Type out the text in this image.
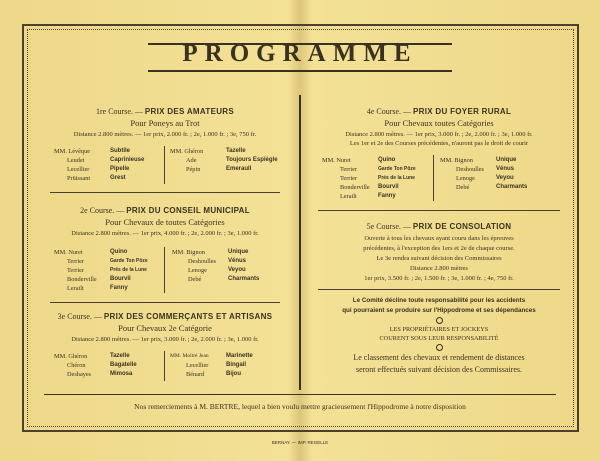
PROGRAMME
1re Course. — PRIX DES AMATEURS
Pour Poneys au Trot
Distance 2.800 mètres. — 1er prix, 2.000 fr. ; 2e, 1.000 fr. ; 3e, 750 fr.
MM. Lévêque	Subtile
Leudet	Caprinieuse
Lecellier	Pipelle
Prüissant	Grest
MM. Ghéron	Tazelle
Ade	Toujours Espiègle
Pépin	Emeraull
2e Course. — PRIX DU CONSEIL MUNICIPAL
Pour Chevaux de toutes Catégories
Distance 2.800 mètres. — 1er prix, 4.000 fr. ; 2e, 2.000 fr. ; 3e, 1.000 fr.
MM. Nuret	Quino
Terrier	Garde Ton Pôze
Terrier	Prés de la Lune
Bonderville	Bourvil
Lerailt	Fanny
MM. Bignon	Unique
Deshoulles	Vénus
Lenoge	Veyou
Debé	Charmants
3e Course. — PRIX DES COMMERÇANTS ET ARTISANS
Pour Chevaux 2e Catégorie
Distance 2.800 mètres. — 1er prix, 3.000 fr. ; 2e, 2.000 fr. ; 3e, 1.000 fr.
MM. Ghéron	Tazelle
Chéron	Bagatelle
Deshayes	Mimosa
MM. Moltré Jean	Marinette
Lecellier	Bingail
Bénard	Bijou
4e Course. — PRIX DU FOYER RURAL
Pour Chevaux toutes Catégories
Distance 2.800 mètres. — 1er prix, 3.000 fr. ; 2e, 2.000 fr. ; 3e, 1.000 fr.
Les 1er et 2e des Courses précédentes, n'auront pas le droit de courir
MM. Nuret	Quino
Terrier	Garde Ton Pôze
Terrier	Prés de la Lune
Bonderville	Bourvil
Lerailt	Fanny
MM. Bignon	Unique
Deshoulles	Vénus
Lenoge	Veyou
Debé	Charmants
5e Course. — PRIX DE CONSOLATION
Ouverte à tous les chevaux ayant couru dans les épreuves
précédentes, à l'exception des 1ers et 2e de chaque course.
Le 3e rendra suivant décision des Commissaires
Distance 2.800 mètres
1er prix, 3.500 fr. ; 2e, 1.500 fr. ; 3e, 1.000 fr. ; 4e, 750 fr.
Le Comité décline toute responsabilité pour les accidents
qui pourraient se produire sur l'Hippodrome et ses dépendances
LES PROPRIÉTAIRES ET JOCKEYS
COURENT SOUS LEUR RESPONSABILITÉ
Le classement des chevaux et rendement de distances
seront effectués suivant décision des Commissaires.
Nos remerciements à M. BERTRE, lequel a bien voulu mettre gracieusement l'Hippodrome à notre disposition
BERNAY. — IMP. REGELLE
